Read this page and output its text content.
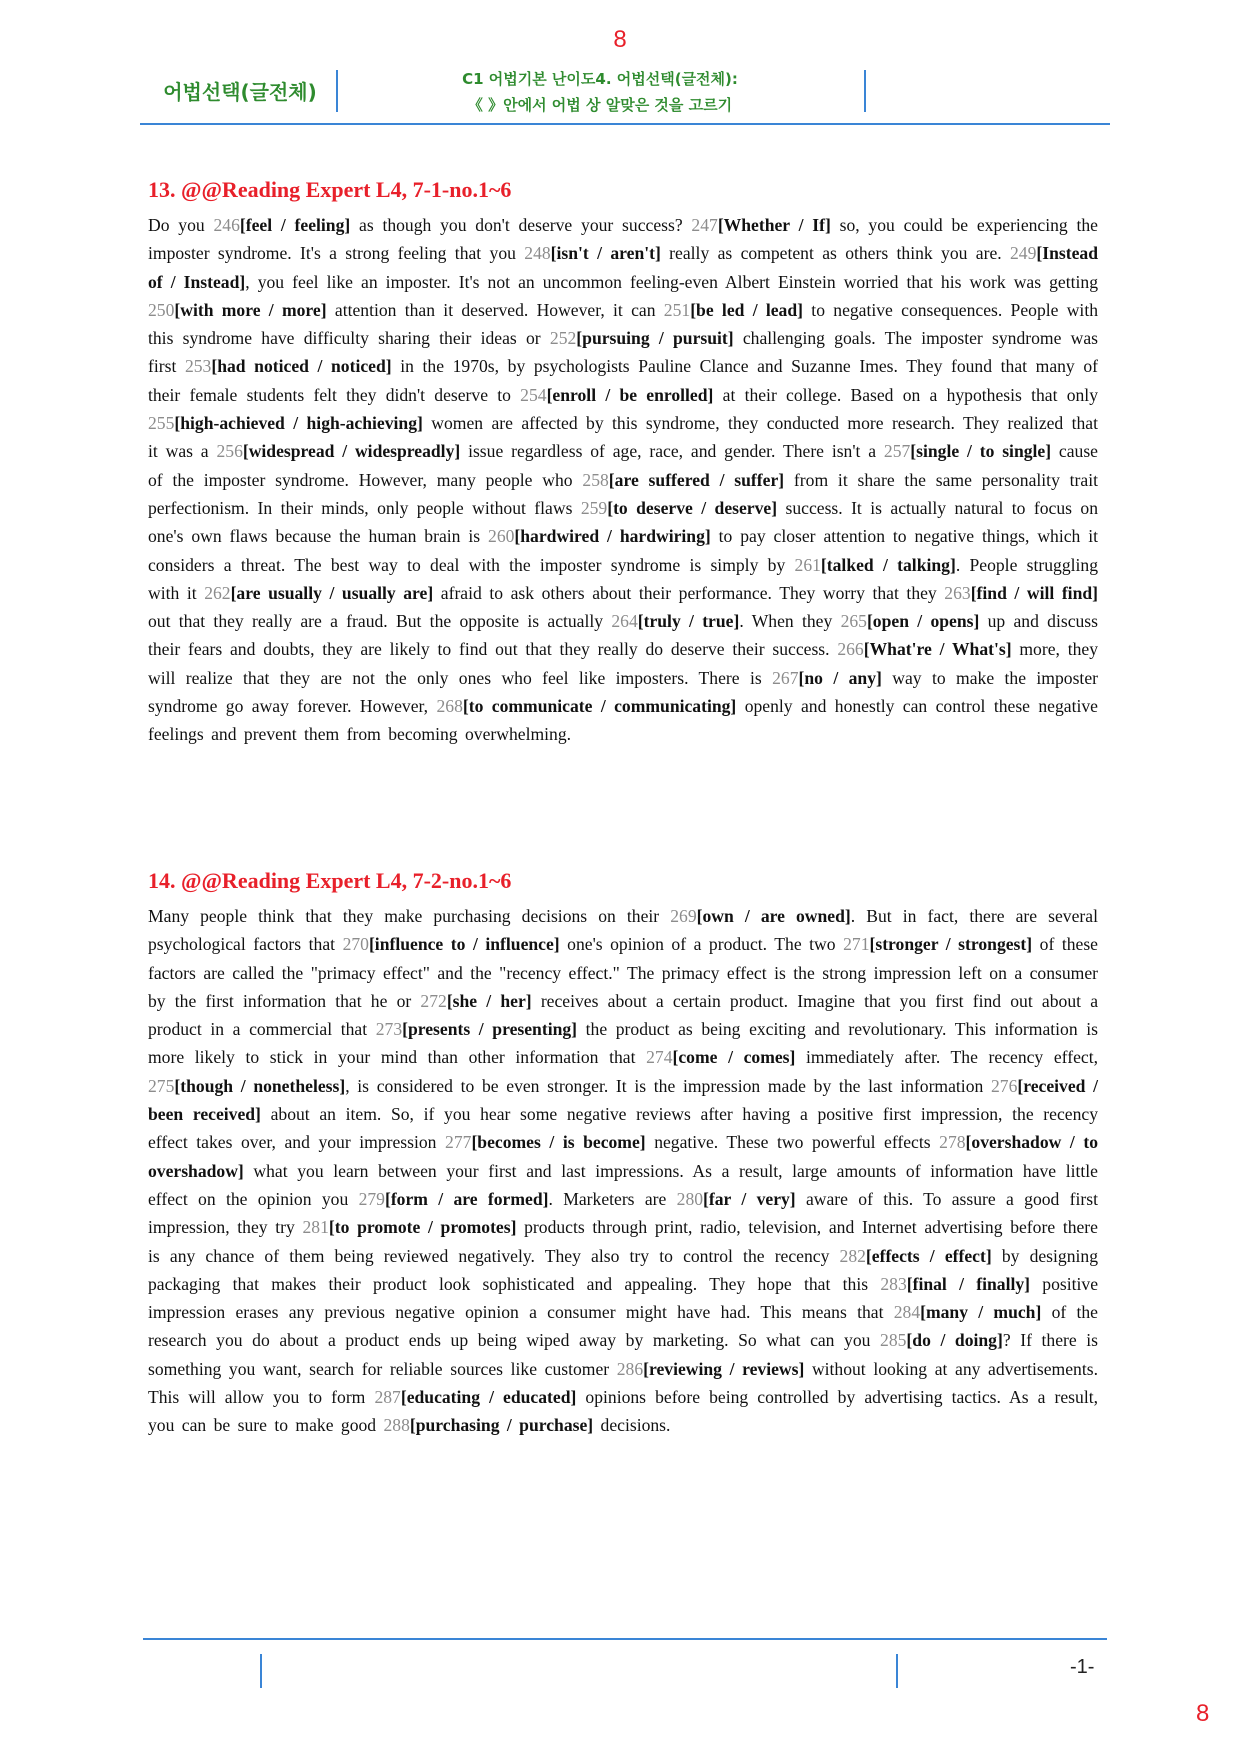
8
어법선택(글전체)
C1 어법기본 난이도4. 어법선택(글전체):
《 》안에서 어법 상 알맞은 것을 고르기
13. @@Reading Expert L4, 7-1-no.1~6

Do you 246[feel / feeling] as though you don't deserve your success? 247[Whether / If] so, you could be experiencing the imposter syndrome. It's a strong feeling that you 248[isn't / aren't] really as competent as others think you are. 249[Instead of / Instead], you feel like an imposter. It's not an uncommon feeling-even Albert Einstein worried that his work was getting 250[with more / more] attention than it deserved. However, it can 251[be led / lead] to negative consequences. People with this syndrome have difficulty sharing their ideas or 252[pursuing / pursuit] challenging goals. The imposter syndrome was first 253[had noticed / noticed] in the 1970s, by psychologists Pauline Clance and Suzanne Imes. They found that many of their female students felt they didn't deserve to 254[enroll / be enrolled] at their college. Based on a hypothesis that only 255[high-achieved / high-achieving] women are affected by this syndrome, they conducted more research. They realized that it was a 256[widespread / widespreadly] issue regardless of age, race, and gender. There isn't a 257[single / to single] cause of the imposter syndrome. However, many people who 258[are suffered / suffer] from it share the same personality trait perfectionism. In their minds, only people without flaws 259[to deserve / deserve] success. It is actually natural to focus on one's own flaws because the human brain is 260[hardwired / hardwiring] to pay closer attention to negative things, which it considers a threat. The best way to deal with the imposter syndrome is simply by 261[talked / talking]. People struggling with it 262[are usually / usually are] afraid to ask others about their performance. They worry that they 263[find / will find] out that they really are a fraud. But the opposite is actually 264[truly / true]. When they 265[open / opens] up and discuss their fears and doubts, they are likely to find out that they really do deserve their success. 266[What're / What's] more, they will realize that they are not the only ones who feel like imposters. There is 267[no / any] way to make the imposter syndrome go away forever. However, 268[to communicate / communicating] openly and honestly can control these negative feelings and prevent them from becoming overwhelming.

14. @@Reading Expert L4, 7-2-no.1~6

Many people think that they make purchasing decisions on their 269[own / are owned]. But in fact, there are several psychological factors that 270[influence to / influence] one's opinion of a product. The two 271[stronger / strongest] of these factors are called the "primacy effect" and the "recency effect." The primacy effect is the strong impression left on a consumer by the first information that he or 272[she / her] receives about a certain product. Imagine that you first find out about a product in a commercial that 273[presents / presenting] the product as being exciting and revolutionary. This information is more likely to stick in your mind than other information that 274[come / comes] immediately after. The recency effect, 275[though / nonetheless], is considered to be even stronger. It is the impression made by the last information 276[received / been received] about an item. So, if you hear some negative reviews after having a positive first impression, the recency effect takes over, and your impression 277[becomes / is become] negative. These two powerful effects 278[overshadow / to overshadow] what you learn between your first and last impressions. As a result, large amounts of information have little effect on the opinion you 279[form / are formed]. Marketers are 280[far / very] aware of this. To assure a good first impression, they try 281[to promote / promotes] products through print, radio, television, and Internet advertising before there is any chance of them being reviewed negatively. They also try to control the recency 282[effects / effect] by designing packaging that makes their product look sophisticated and appealing. They hope that this 283[final / finally] positive impression erases any previous negative opinion a consumer might have had. This means that 284[many / much] of the research you do about a product ends up being wiped away by marketing. So what can you 285[do / doing]? If there is something you want, search for reliable sources like customer 286[reviewing / reviews] without looking at any advertisements. This will allow you to form 287[educating / educated] opinions before being controlled by advertising tactics. As a result, you can be sure to make good 288[purchasing / purchase] decisions.

-1-
8
